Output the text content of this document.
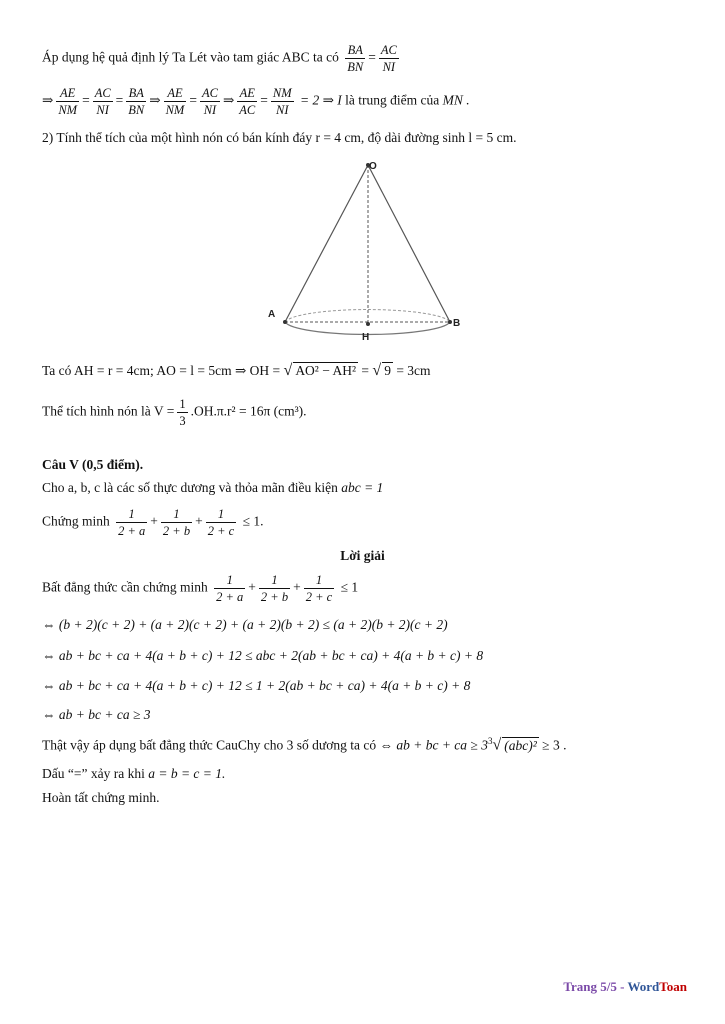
Áp dụng hệ quả định lý Ta Lét vào tam giác ABC ta có $\frac{BA}{BN} = \frac{AC}{NI}$
⇒ $\frac{AE}{NM} = \frac{AC}{NI} = \frac{BA}{BN}$ ⇒ $\frac{AE}{NM} = \frac{AC}{NI}$ ⇒ $\frac{AE}{AC} = \frac{NM}{NI} = 2$ ⇒ I là trung điểm của MN .
2) Tính thể tích của một hình nón có bán kính đáy r = 4 cm, độ dài đường sinh l = 5 cm.
O
A
B
H
Ta có AH = r = 4cm; AO = l = 5cm ⇒ OH = √ AO² − AH² = √ 9 = 3cm
Thể tích hình nón là $V = \frac{1}{3} .OH.\pi.r^2 = 16\pi$ (cm³).
Câu V (0,5 điểm).
Cho a, b, c là các số thực dương và thỏa mãn điều kiện abc = 1
Chứng minh $\frac{1}{2 + a} + \frac{1}{2 + b} + \frac{1}{2 + c} \le 1$.
Lời giải
Bất đẳng thức cần chứng minh $\frac{1}{2 + a} + \frac{1}{2 + b} + \frac{1}{2 + c} \le 1$
⇔ (b + 2)(c + 2) + (a + 2)(c + 2) + (a + 2)(b + 2) ≤ (a + 2)(b + 2)(c + 2)
⇔ ab + bc + ca + 4(a + b + c) + 12 ≤ abc + 2(ab + bc + ca) + 4(a + b + c) + 8
⇔ ab + bc + ca + 4(a + b + c) + 12 ≤ 1 + 2(ab + bc + ca) + 4(a + b + c) + 8
⇔ ab + bc + ca ≥ 3
Thật vậy áp dụng bất đẳng thức CauChy cho 3 số dương ta có ⇔ ab + bc + ca ≥ $3^3√$ (abc)² ≥ 3 .
Dấu “=” xảy ra khi a = b = c = 1.
Hoàn tất chứng minh.
Trang 5/5 - WordToan
